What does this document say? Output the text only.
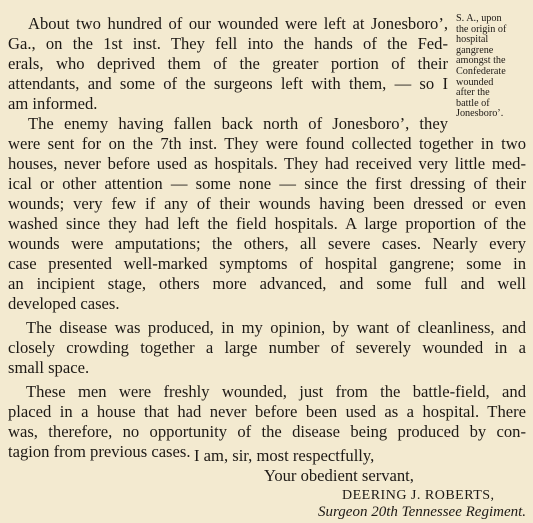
About two hundred of our wounded were left at Jonesboro’,
Ga., on the 1st inst. They fell into the hands of the Fed-
erals, who deprived them of the greater portion of their
attendants, and some of the surgeons left with them, — so I
am informed.
The enemy having fallen back north of Jonesboro’, they
were sent for on the 7th inst. They were found collected together in two
houses, never before used as hospitals. They had received very little med-
ical or other attention — some none — since the first dressing of their
wounds; very few if any of their wounds having been dressed or even
washed since they had left the field hospitals. A large proportion of the
wounds were amputations; the others, all severe cases. Nearly every
case presented well-marked symptoms of hospital gangrene; some in
an incipient stage, others more advanced, and some full and well
developed cases.
The disease was produced, in my opinion, by want of cleanliness, and
closely crowding together a large number of severely wounded in a
small space.
These men were freshly wounded, just from the battle-field, and
placed in a house that had never before been used as a hospital. There
was, therefore, no opportunity of the disease being produced by con-
tagion from previous cases. I am, sir, most respectfully,
Your obedient servant,
DEERING J. ROBERTS,
Surgeon 20th Tennessee Regiment.
S. A., upon
the origin of
hospital
gangrene
amongst the
Confederate
wounded
after the
battle of
Jonesboro’.
